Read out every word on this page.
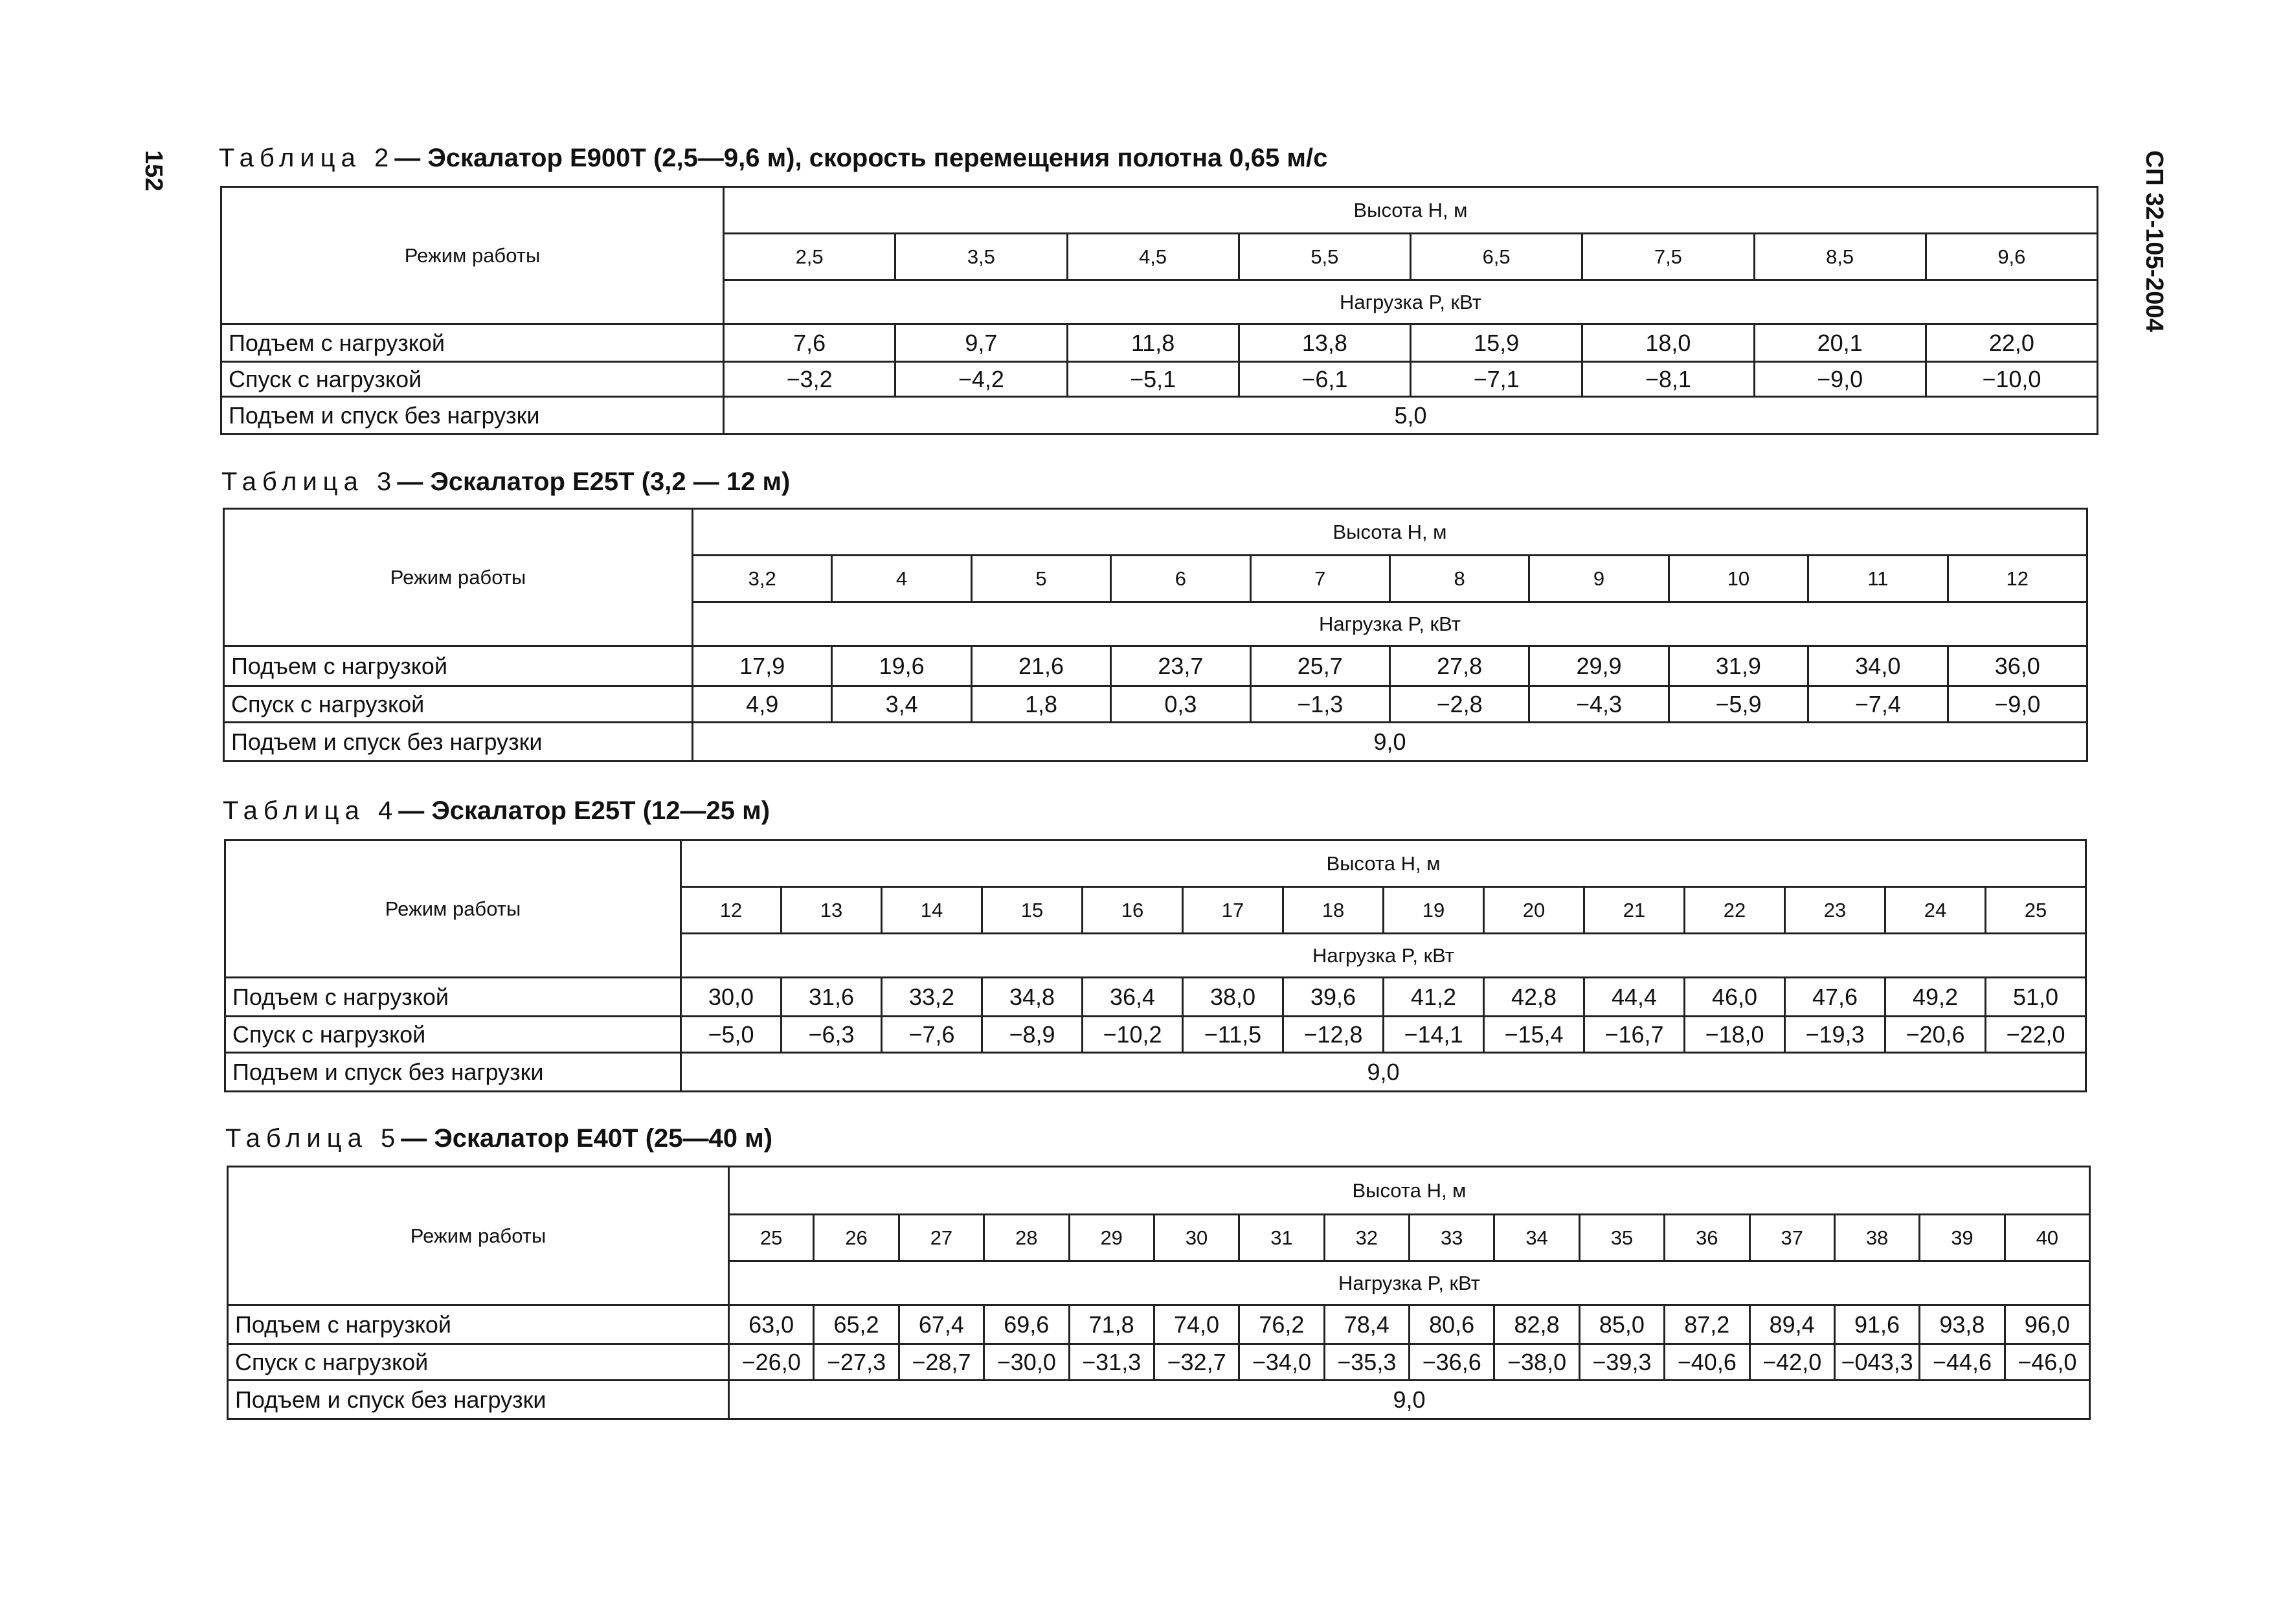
152	СП 32-105-2004
Таблица 2— Эскалатор Е900Т (2,5—9,6 м), скорость перемещения полотна 0,65 м/с
Режим работы	Высота H, м							
	2,5	3,5	4,5	5,5	6,5	7,5	8,5	9,6
	Нагрузка P, кВт							
Подъем с нагрузкой	7,6	9,7	11,8	13,8	15,9	18,0	20,1	22,0
Спуск с нагрузкой	−3,2	−4,2	−5,1	−6,1	−7,1	−8,1	−9,0	−10,0
Подъем и спуск без нагрузки	5,0							
Таблица 3— Эскалатор Е25Т (3,2 — 12 м)
Режим работы	Высота H, м									
	3,2	4	5	6	7	8	9	10	11	12
	Нагрузка P, кВт									
Подъем с нагрузкой	17,9	19,6	21,6	23,7	25,7	27,8	29,9	31,9	34,0	36,0
Спуск с нагрузкой	4,9	3,4	1,8	0,3	−1,3	−2,8	−4,3	−5,9	−7,4	−9,0
Подъем и спуск без нагрузки	9,0									
Таблица 4— Эскалатор Е25Т (12—25 м)
Режим работы	Высота H, м													
	12	13	14	15	16	17	18	19	20	21	22	23	24	25
	Нагрузка P, кВт													
Подъем с нагрузкой	30,0	31,6	33,2	34,8	36,4	38,0	39,6	41,2	42,8	44,4	46,0	47,6	49,2	51,0
Спуск с нагрузкой	−5,0	−6,3	−7,6	−8,9	−10,2	−11,5	−12,8	−14,1	−15,4	−16,7	−18,0	−19,3	−20,6	−22,0
Подъем и спуск без нагрузки	9,0													
Таблица 5— Эскалатор Е40Т (25—40 м)
Режим работы	Высота H, м															
	25	26	27	28	29	30	31	32	33	34	35	36	37	38	39	40
	Нагрузка P, кВт															
Подъем с нагрузкой	63,0	65,2	67,4	69,6	71,8	74,0	76,2	78,4	80,6	82,8	85,0	87,2	89,4	91,6	93,8	96,0
Спуск с нагрузкой	−26,0	−27,3	−28,7	−30,0	−31,3	−32,7	−34,0	−35,3	−36,6	−38,0	−39,3	−40,6	−42,0	−043,3	−44,6	−46,0
Подъем и спуск без нагрузки	9,0															
